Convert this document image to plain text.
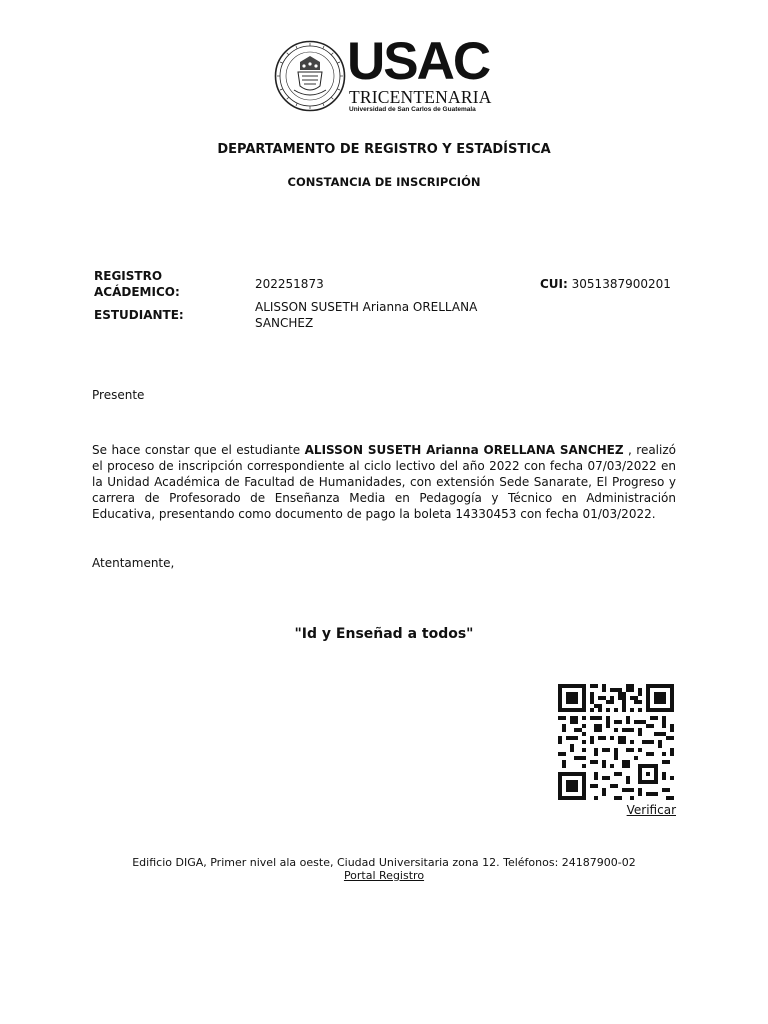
USAC
TRICENTENARIA
Universidad de San Carlos de Guatemala
DEPARTAMENTO DE REGISTRO Y ESTADÍSTICA
CONSTANCIA DE INSCRIPCIÓN
REGISTRO
ACÁDEMICO:
202251873	CUI: 3051387900201
ESTUDIANTE:
ALISSON SUSETH Arianna ORELLANA
SANCHEZ
Presente
Se hace constar que el estudiante ALISSON SUSETH Arianna ORELLANA SANCHEZ , realizó el proceso de inscripción correspondiente al ciclo lectivo del año 2022 con fecha 07/03/2022 en la Unidad Académica de Facultad de Humanidades, con extensión Sede Sanarate, El Progreso y carrera de Profesorado de Enseñanza Media en Pedagogía y Técnico en Administración Educativa, presentando como documento de pago la boleta 14330453 con fecha 01/03/2022.
Atentamente,
"Id y Enseñad a todos"
Verificar
Edificio DIGA, Primer nivel ala oeste, Ciudad Universitaria zona 12. Teléfonos: 24187900-02
Portal Registro
